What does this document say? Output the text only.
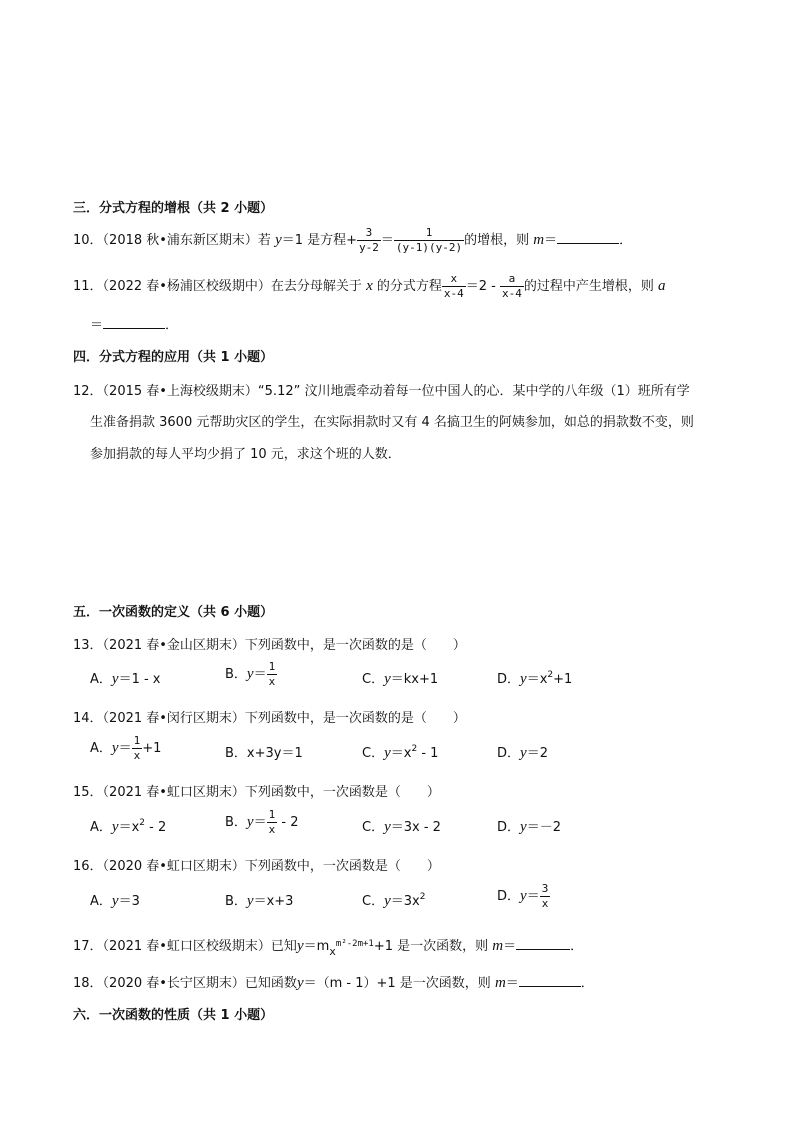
三．分式方程的增根（共 2 小题）
10．（2018 秋•浦东新区期末）若 y＝1 是方程+ $\frac{3}{y-2} = \frac{1}{(y-1)(y-2)}$ 的增根，则 m＝	．
11．（2022 春•杨浦区校级期中）在去分母解关于 x 的分式方程 $\frac{x}{x-4} =2 - \frac{a}{x-4}$ 的过程中产生增根，则 a
＝	．
四．分式方程的应用（共 1 小题）
12．（2015 春•上海校级期末）“5.12” 汶川地震牵动着每一位中国人的心．某中学的八年级（1）班所有学
生准备捐款 3600 元帮助灾区的学生，在实际捐款时又有 4 名搞卫生的阿姨参加，如总的捐款数不变，则
参加捐款的每人平均少捐了 10 元，求这个班的人数．
五．一次函数的定义（共 6 小题）
13．（2021 春•金山区期末）下列函数中，是一次函数的是（　　）
A．y＝1 - x	B．$y= \frac{1}{x}$	C．y＝kx+1	D．$y=x^2+1$
14．（2021 春•闵行区期末）下列函数中，是一次函数的是（　　）
A．$y= \frac{1}{x} +1$	B．x+3y＝1	C．$y=x^2 - 1$	D．y＝2
15．（2021 春•虹口区期末）下列函数中，一次函数是（　　）
A．$y=x^2 - 2$	B．$y= \frac{1}{x} - 2$	C．y＝3x - 2	D．y＝－2
16．（2020 春•虹口区期末）下列函数中，一次函数是（　　）
A．y＝3	B．y＝x+3	C．$y=3x^2$	D．$y= \frac{3}{x}$
17．（2021 春•虹口区校级期末）已知$y=m_x^{m^2-2m+1}+1$ 是一次函数，则 m＝	．
18．（2020 春•长宁区期末）已知函数y＝（m - 1）+1 是一次函数，则 m＝	．
六．一次函数的性质（共 1 小题）
